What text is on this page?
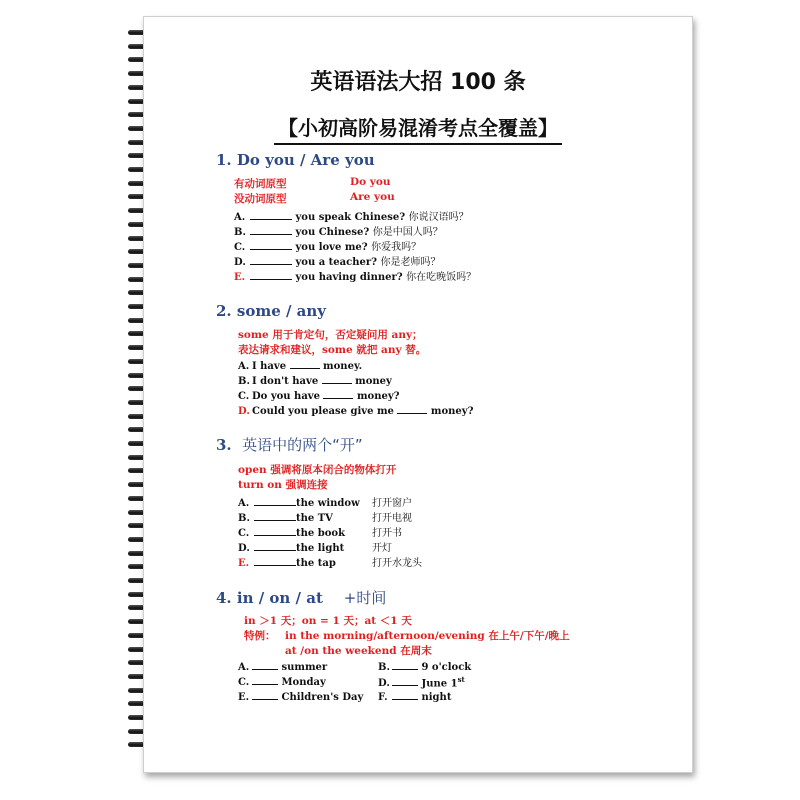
英语语法大招 100 条
【小初高阶易混淆考点全覆盖】
1. Do you / Are you
有动词原型	Do you
没动词原型	Are you
2. some / any
some 用于肯定句，否定疑问用 any；
表达请求和建议，some 就把 any 替。
3. 英语中的两个“开”
open 强调将原本闭合的物体打开
turn on 强调连接
4. in / on / at +时间
in ＞1 天；on = 1 天；at ＜1 天
特例： in the morning/afternoon/evening 在上午/下午/晚上
at /on the weekend 在周末
A.	you speak Chinese? 你说汉语吗？
B.	you Chinese? 你是中国人吗？
C.	you love me? 你爱我吗？
D.	you a teacher? 你是老师吗？
E.	you having dinner? 你在吃晚饭吗？
A. I have	money.
B. I don't have	money
C. Do you have	money?
D. Could you please give me	money?
A.	the window 打开窗户
B.	the TV	打开电视
C.	the book	打开书
D.	the light	开灯
E.	the tap	打开水龙头
A.	summer
C.	Monday
E.	Children's Day
B.	9 o'clock
D.	June 1st
F.	night
